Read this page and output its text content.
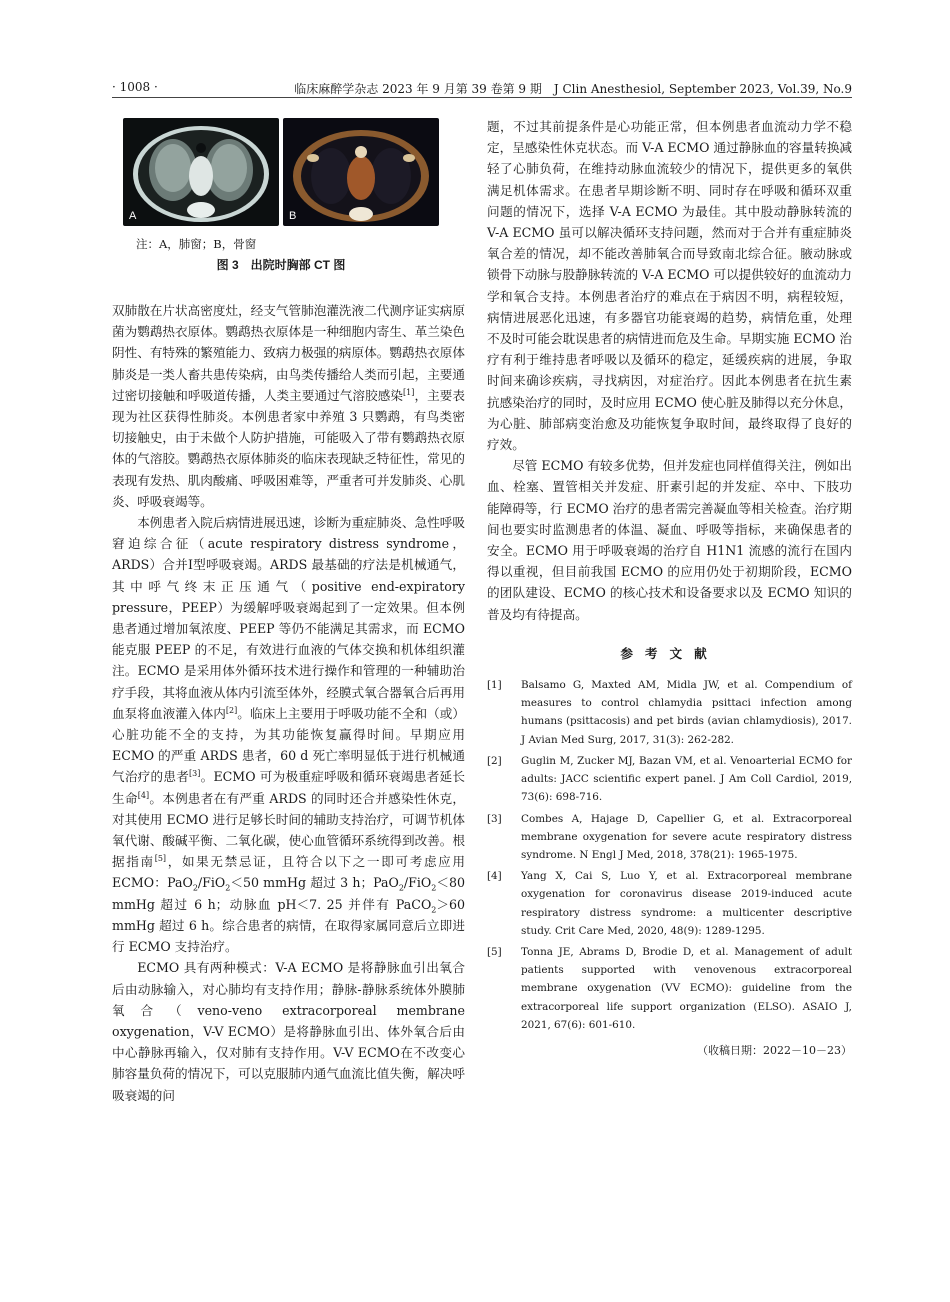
· 1008 ·	临床麻醉学杂志 2023 年 9 月第 39 卷第 9 期　J Clin Anesthesiol, September 2023, Vol.39, No.9
A	B
注：A，肺窗；B，骨窗
图 3　出院时胸部 CT 图

双肺散在片状高密度灶，经支气管肺泡灌洗液二代测序证实病原菌为鹦鹉热衣原体。鹦鹉热衣原体是一种细胞内寄生、革兰染色阴性、有特殊的繁殖能力、致病力极强的病原体。鹦鹉热衣原体肺炎是一类人畜共患传染病，由鸟类传播给人类而引起，主要通过密切接触和呼吸道传播，人类主要通过气溶胶感染[1]，主要表现为社区获得性肺炎。本例患者家中养殖 3 只鹦鹉，有鸟类密切接触史，由于未做个人防护措施，可能吸入了带有鹦鹉热衣原体的气溶胶。鹦鹉热衣原体肺炎的临床表现缺乏特征性，常见的表现有发热、肌肉酸痛、呼吸困难等，严重者可并发肺炎、心肌炎、呼吸衰竭等。

本例患者入院后病情进展迅速，诊断为重症肺炎、急性呼吸窘迫综合征（acute respiratory distress syndrome，ARDS）合并Ⅰ型呼吸衰竭。ARDS 最基础的疗法是机械通气，其中呼气终末正压通气（positive end-expiratory pressure，PEEP）为缓解呼吸衰竭起到了一定效果。但本例患者通过增加氧浓度、PEEP 等仍不能满足其需求，而 ECMO 能克服 PEEP 的不足，有效进行血液的气体交换和机体组织灌注。ECMO 是采用体外循环技术进行操作和管理的一种辅助治疗手段，其将血液从体内引流至体外，经膜式氧合器氧合后再用血泵将血液灌入体内[2]。临床上主要用于呼吸功能不全和（或）心脏功能不全的支持，为其功能恢复赢得时间。早期应用 ECMO 的严重 ARDS 患者，60 d 死亡率明显低于进行机械通气治疗的患者[3]。ECMO 可为极重症呼吸和循环衰竭患者延长生命[4]。本例患者在有严重 ARDS 的同时还合并感染性休克，对其使用 ECMO 进行足够长时间的辅助支持治疗，可调节机体氧代谢、酸碱平衡、二氧化碳，使心血管循环系统得到改善。根据指南[5]，如果无禁忌证，且符合以下之一即可考虑应用 ECMO：PaO$_2$/FiO$_2$＜50 mmHg 超过 3 h；PaO$_2$/FiO$_2$＜80 mmHg 超过 6 h；动脉血 pH＜7. 25 并伴有 PaCO$_2$＞60 mmHg 超过 6 h。综合患者的病情，在取得家属同意后立即进行 ECMO 支持治疗。

ECMO 具有两种模式：V-A ECMO 是将静脉血引出氧合后由动脉输入，对心肺均有支持作用；静脉-静脉系统体外膜肺氧合（veno-veno extracorporeal membrane oxygenation，V-V ECMO）是将静脉血引出、体外氧合后由中心静脉再输入，仅对肺有支持作用。V-V ECMO在不改变心肺容量负荷的情况下，可以克服肺内通气血流比值失衡，解决呼吸衰竭的问

题，不过其前提条件是心功能正常，但本例患者血流动力学不稳定，呈感染性休克状态。而 V-A ECMO 通过静脉血的容量转换减轻了心肺负荷，在维持动脉血流较少的情况下，提供更多的氧供满足机体需求。在患者早期诊断不明、同时存在呼吸和循环双重问题的情况下，选择 V-A ECMO 为最佳。其中股动静脉转流的 V-A ECMO 虽可以解决循环支持问题，然而对于合并有重症肺炎氧合差的情况，却不能改善肺氧合而导致南北综合征。腋动脉或锁骨下动脉与股静脉转流的 V-A ECMO 可以提供较好的血流动力学和氧合支持。本例患者治疗的难点在于病因不明，病程较短，病情进展恶化迅速，有多器官功能衰竭的趋势，病情危重，处理不及时可能会耽误患者的病情进而危及生命。早期实施 ECMO 治疗有利于维持患者呼吸以及循环的稳定，延缓疾病的进展，争取时间来确诊疾病，寻找病因，对症治疗。因此本例患者在抗生素抗感染治疗的同时，及时应用 ECMO 使心脏及肺得以充分休息，为心脏、肺部病变治愈及功能恢复争取时间，最终取得了良好的疗效。

尽管 ECMO 有较多优势，但并发症也同样值得关注，例如出血、栓塞、置管相关并发症、肝素引起的并发症、卒中、下肢功能障碍等，行 ECMO 治疗的患者需完善凝血等相关检查。治疗期间也要实时监测患者的体温、凝血、呼吸等指标，来确保患者的安全。ECMO 用于呼吸衰竭的治疗自 H1N1 流感的流行在国内得以重视，但目前我国 ECMO 的应用仍处于初期阶段，ECMO 的团队建设、ECMO 的核心技术和设备要求以及 ECMO 知识的普及均有待提高。

参考文献
[1]	Balsamo G, Maxted AM, Midla JW, et al. Compendium of measures to control chlamydia psittaci infection among humans (psittacosis) and pet birds (avian chlamydiosis), 2017. J Avian Med Surg, 2017, 31(3): 262-282.
[2]	Guglin M, Zucker MJ, Bazan VM, et al. Venoarterial ECMO for adults: JACC scientific expert panel. J Am Coll Cardiol, 2019, 73(6): 698-716.
[3]	Combes A, Hajage D, Capellier G, et al. Extracorporeal membrane oxygenation for severe acute respiratory distress syndrome. N Engl J Med, 2018, 378(21): 1965-1975.
[4]	Yang X, Cai S, Luo Y, et al. Extracorporeal membrane oxygenation for coronavirus disease 2019-induced acute respiratory distress syndrome: a multicenter descriptive study. Crit Care Med, 2020, 48(9): 1289-1295.
[5]	Tonna JE, Abrams D, Brodie D, et al. Management of adult patients supported with venovenous extracorporeal membrane oxygenation (VV ECMO): guideline from the extracorporeal life support organization (ELSO). ASAIO J, 2021, 67(6): 601-610.
（收稿日期：2022－10－23）
